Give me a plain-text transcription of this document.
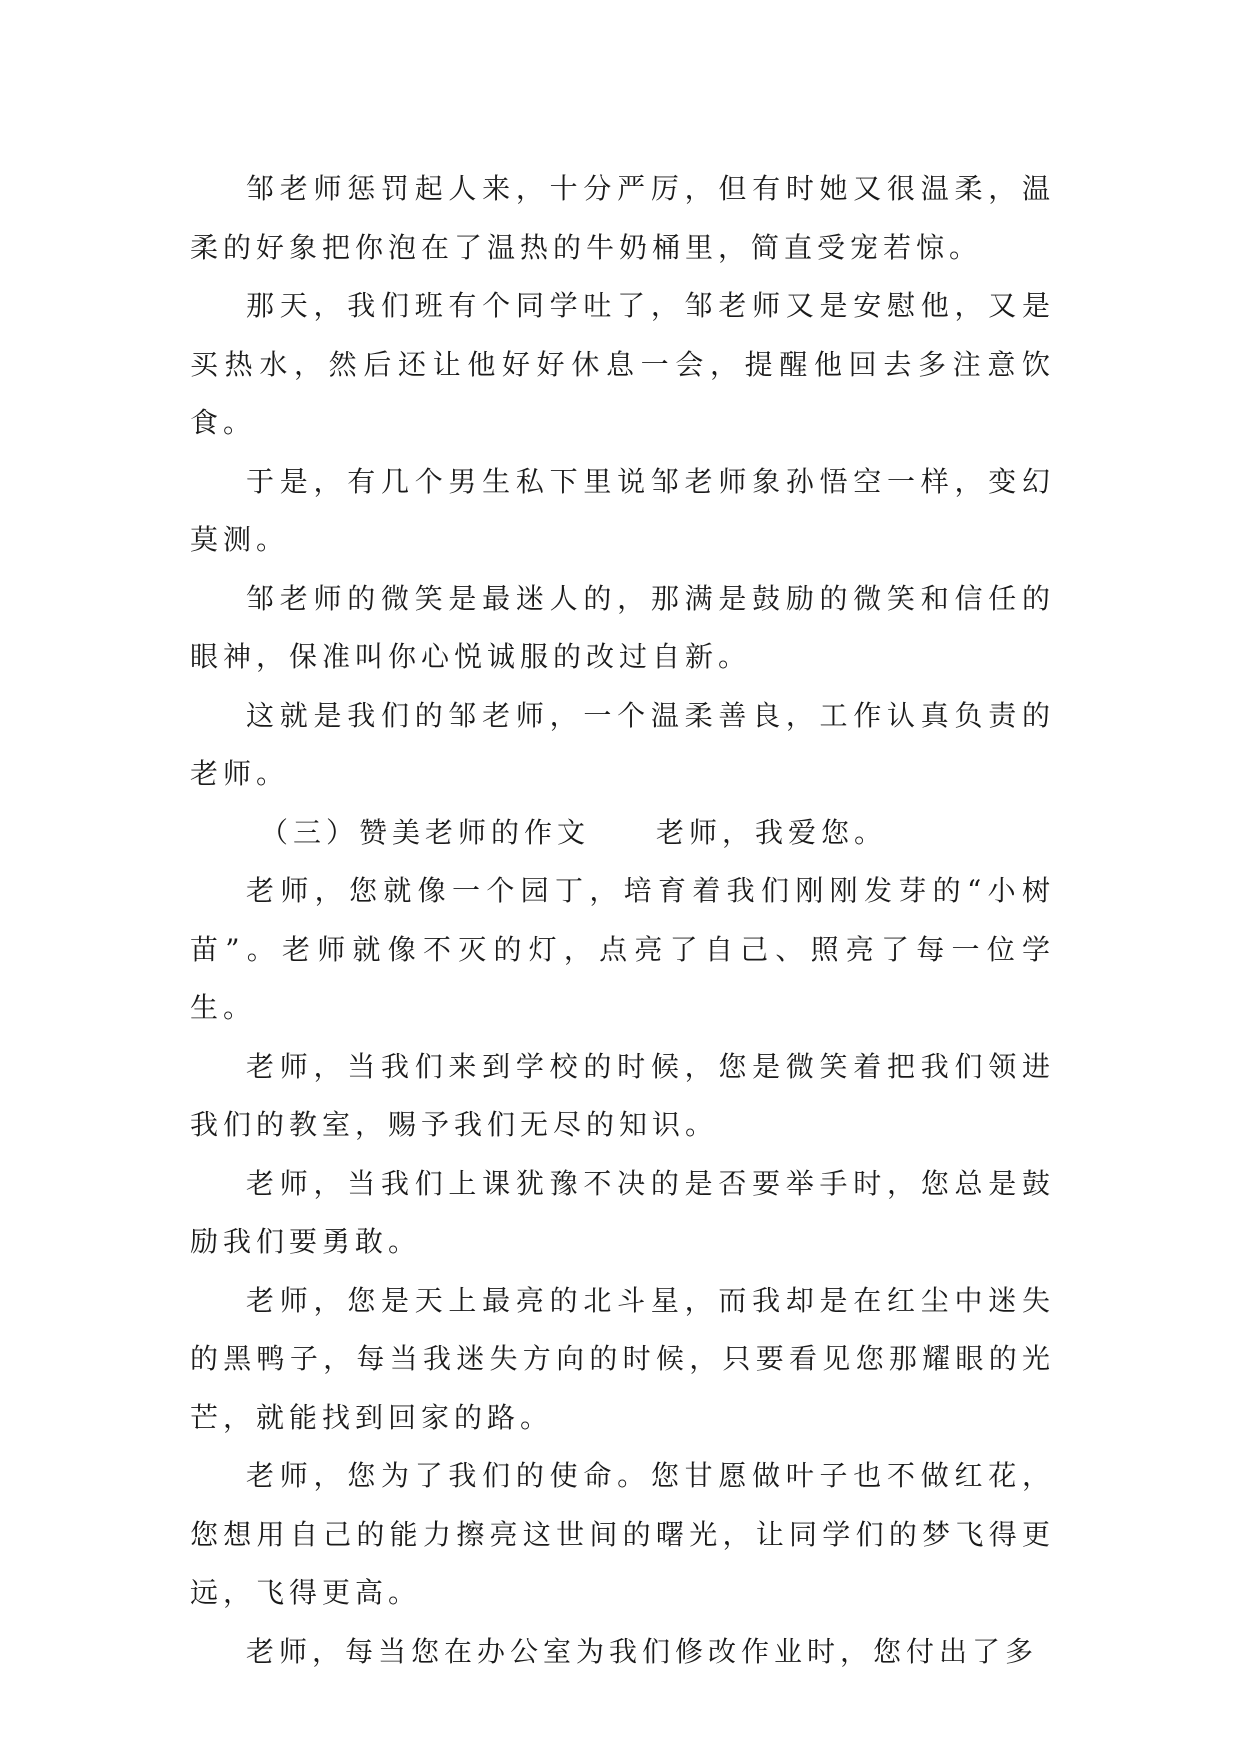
邹老师惩罚起人来，十分严厉，但有时她又很温柔，温柔的好象把你泡在了温热的牛奶桶里，简直受宠若惊。

那天，我们班有个同学吐了，邹老师又是安慰他，又是买热水，然后还让他好好休息一会，提醒他回去多注意饮食。

于是，有几个男生私下里说邹老师象孙悟空一样，变幻莫测。

邹老师的微笑是最迷人的，那满是鼓励的微笑和信任的眼神，保准叫你心悦诚服的改过自新。

这就是我们的邹老师，一个温柔善良，工作认真负责的老师。

（三）赞美老师的作文　　老师，我爱您。

老师，您就像一个园丁，培育着我们刚刚发芽的“小树苗”。老师就像不灭的灯，点亮了自己、照亮了每一位学生。

老师，当我们来到学校的时候，您是微笑着把我们领进我们的教室，赐予我们无尽的知识。

老师，当我们上课犹豫不决的是否要举手时，您总是鼓励我们要勇敢。

老师，您是天上最亮的北斗星，而我却是在红尘中迷失的黑鸭子，每当我迷失方向的时候，只要看见您那耀眼的光芒，就能找到回家的路。

老师，您为了我们的使命。您甘愿做叶子也不做红花，您想用自己的能力擦亮这世间的曙光，让同学们的梦飞得更远，飞得更高。

老师，每当您在办公室为我们修改作业时，您付出了多
